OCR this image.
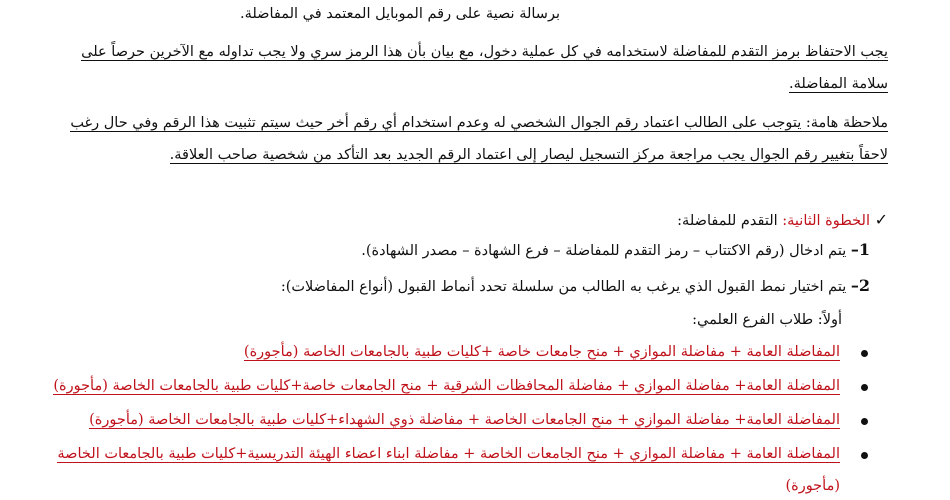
برسالة نصية على رقم الموبايل المعتمد في المفاضلة.
يجب الاحتفاظ برمز التقدم للمفاضلة لاستخدامه في كل عملية دخول، مع بيان بأن هذا الرمز سري ولا يجب تداوله مع الآخرين حرصاً على
سلامة المفاضلة.
ملاحظة هامة: يتوجب على الطالب اعتماد رقم الجوال الشخصي له وعدم استخدام أي رقم أخر حيث سيتم تثبيت هذا الرقم وفي حال رغب
لاحقاً بتغيير رقم الجوال يجب مراجعة مركز التسجيل ليصار إلى اعتماد الرقم الجديد بعد التأكد من شخصية صاحب العلاقة.
✓ الخطوة الثانية: التقدم للمفاضلة:
1– يتم ادخال (رقم الاكتتاب – رمز التقدم للمفاضلة – فرع الشهادة – مصدر الشهادة).
2– يتم اختيار نمط القبول الذي يرغب به الطالب من سلسلة تحدد أنماط القبول (أنواع المفاضلات):
أولاً: طلاب الفرع العلمي:
المفاضلة العامة + مفاضلة الموازي + منح جامعات خاصة +كليات طبية بالجامعات الخاصة (مأجورة)
المفاضلة العامة+ مفاضلة الموازي + مفاضلة المحافظات الشرقية + منح الجامعات خاصة+كليات طبية بالجامعات الخاصة (مأجورة)
المفاضلة العامة+ مفاضلة الموازي + منح الجامعات الخاصة + مفاضلة ذوي الشهداء+كليات طبية بالجامعات الخاصة (مأجورة)
المفاضلة العامة + مفاضلة الموازي + منح الجامعات الخاصة + مفاضلة ابناء اعضاء الهيئة التدريسية+كليات طبية بالجامعات الخاصة
(مأجورة)
